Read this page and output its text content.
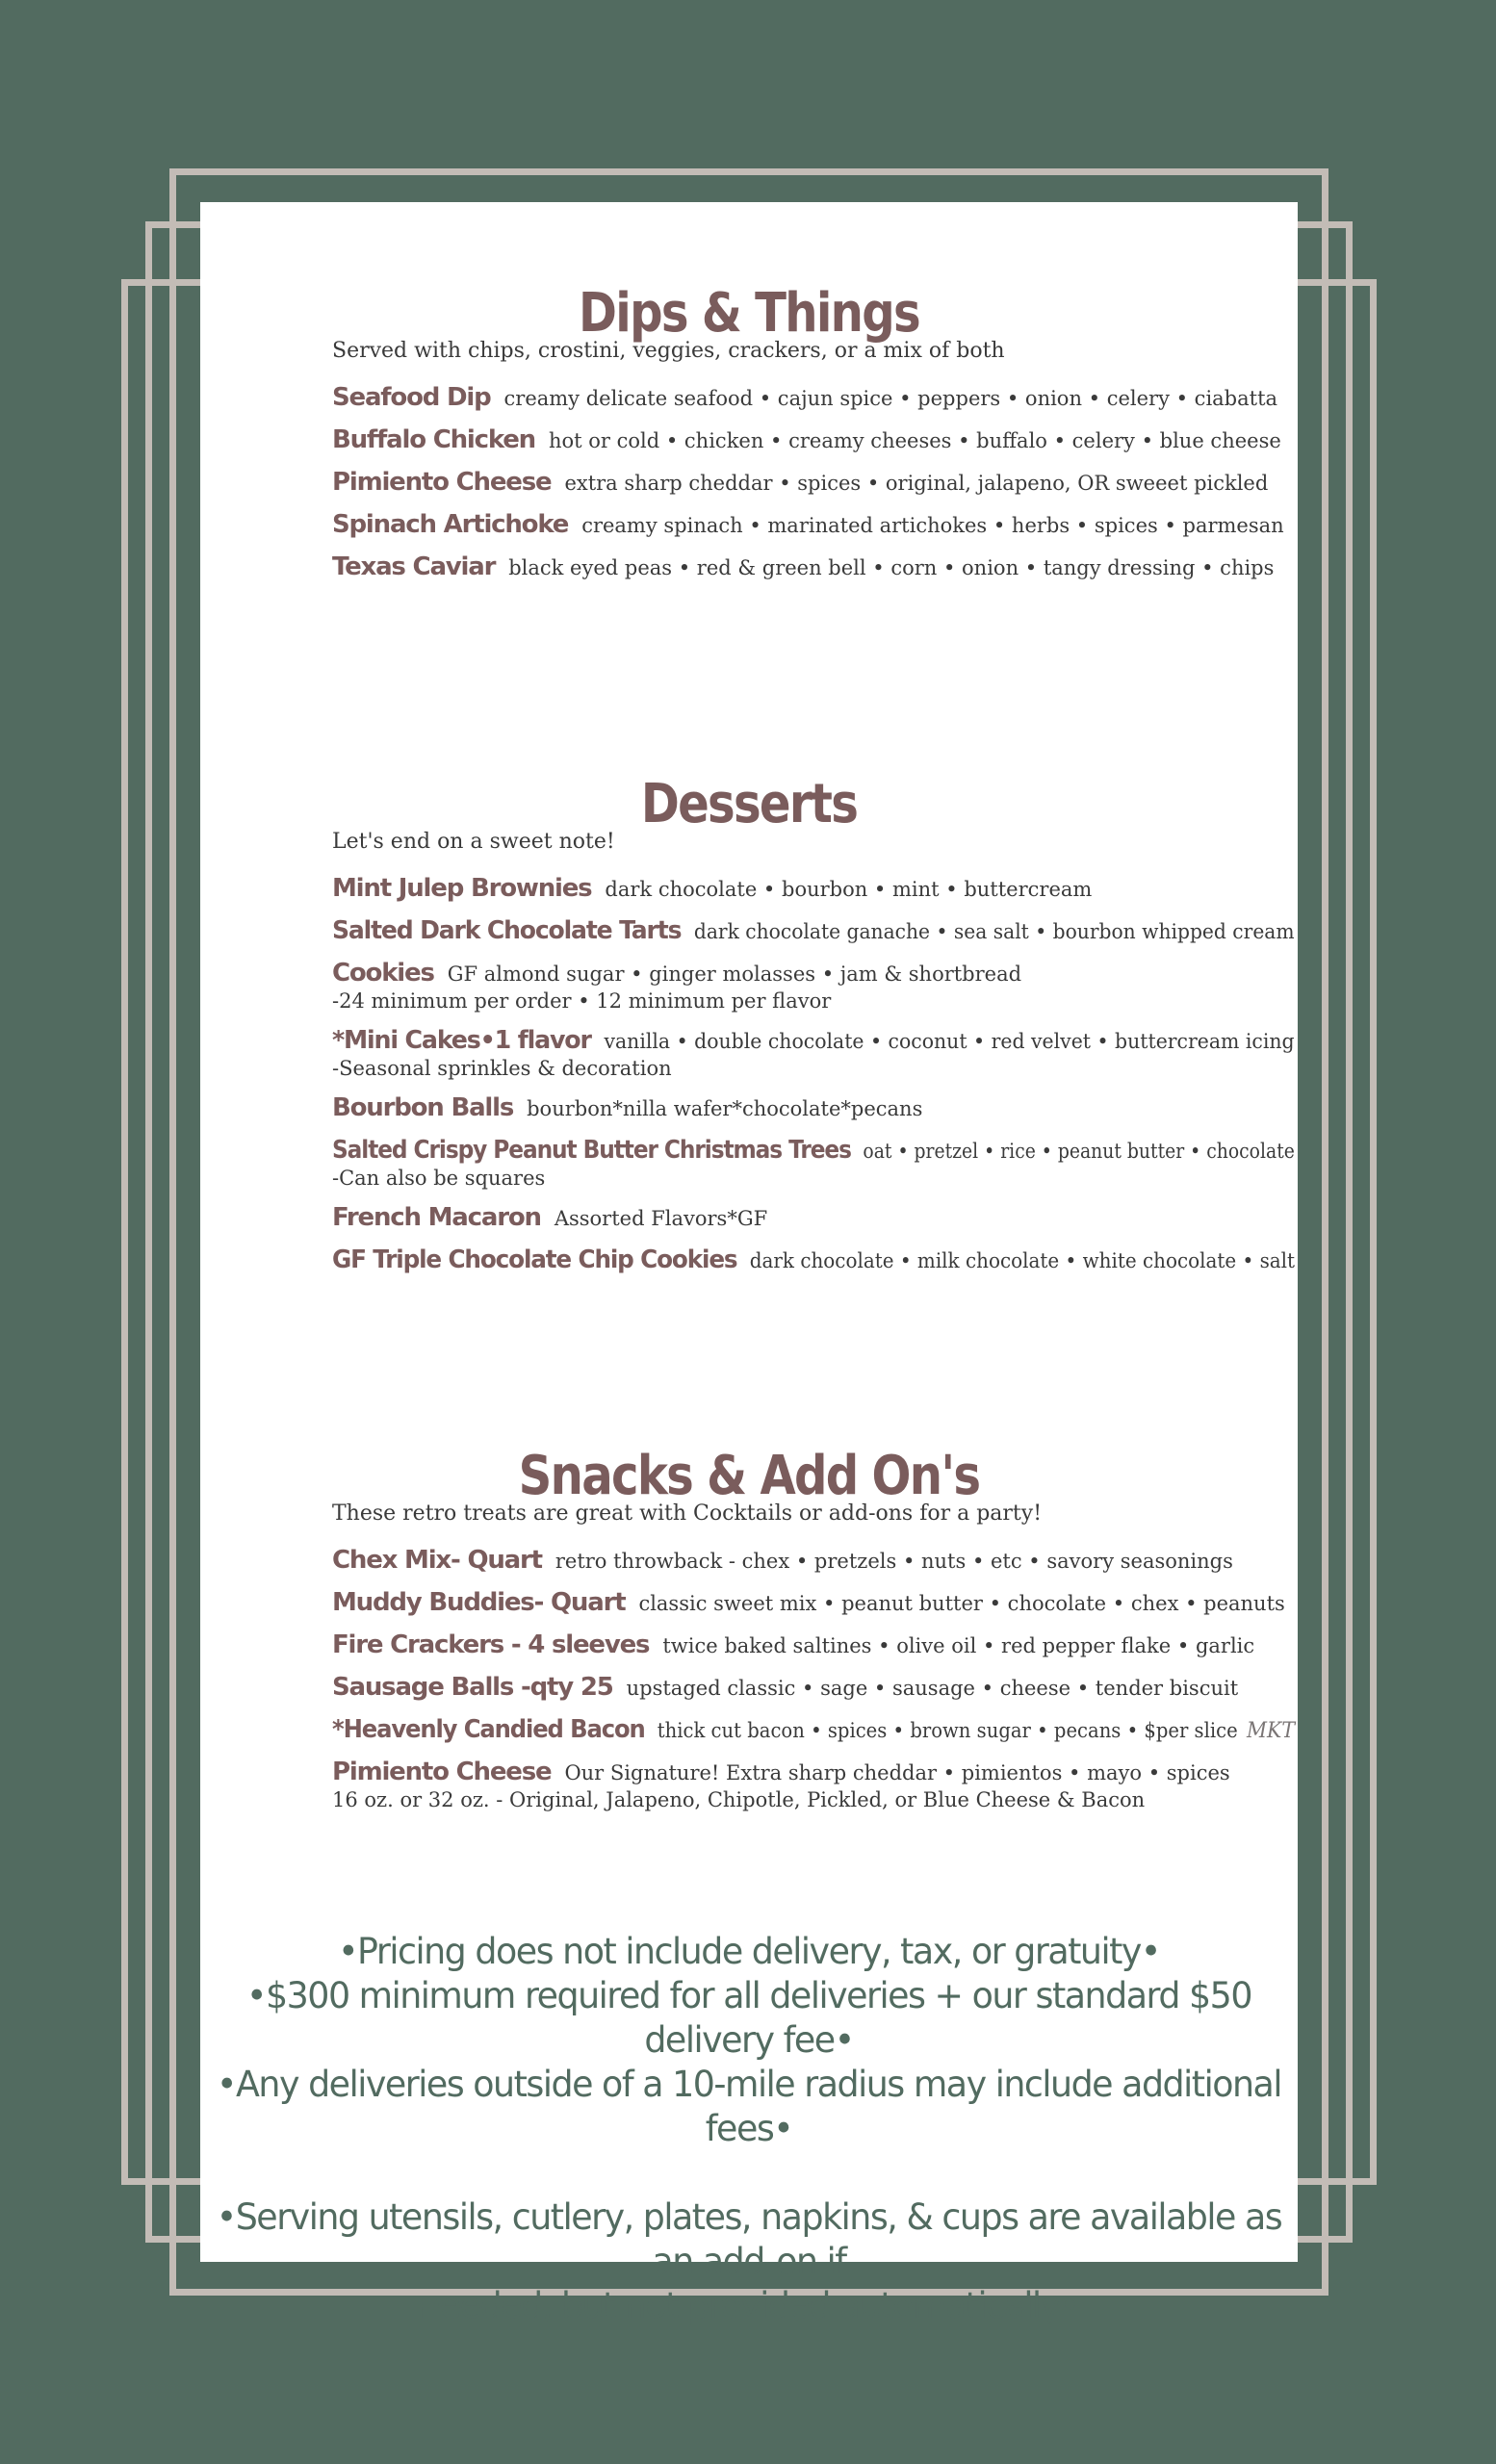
Dips & Things
Served with chips, crostini, veggies, crackers, or a mix of both
Seafood Dip creamy delicate seafood • cajun spice • peppers • onion • celery • ciabatta
Buffalo Chicken hot or cold • chicken • creamy cheeses • buffalo • celery • blue cheese
Pimiento Cheese extra sharp cheddar • spices • original, jalapeno, OR sweeet pickled
Spinach Artichoke creamy spinach • marinated artichokes • herbs • spices • parmesan
Texas Caviar black eyed peas • red & green bell • corn • onion • tangy dressing • chips
Desserts
Let's end on a sweet note!
Mint Julep Brownies dark chocolate • bourbon • mint • buttercream
Salted Dark Chocolate Tarts dark chocolate ganache • sea salt • bourbon whipped cream
Cookies GF almond sugar • ginger molasses • jam & shortbread
-24 minimum per order • 12 minimum per flavor
*Mini Cakes•1 flavor vanilla • double chocolate • coconut • red velvet • buttercream icing
-Seasonal sprinkles & decoration
Bourbon Balls bourbon*nilla wafer*chocolate*pecans
Salted Crispy Peanut Butter Christmas Trees oat • pretzel • rice • peanut butter • chocolate
-Can also be squares
French Macaron Assorted Flavors*GF
GF Triple Chocolate Chip Cookies dark chocolate • milk chocolate • white chocolate • salt
Snacks & Add On's
These retro treats are great with Cocktails or add-ons for a party!
Chex Mix- Quart retro throwback - chex • pretzels • nuts • etc • savory seasonings
Muddy Buddies- Quart classic sweet mix • peanut butter • chocolate • chex • peanuts
Fire Crackers - 4 sleeves twice baked saltines • olive oil • red pepper flake • garlic
Sausage Balls -qty 25 upstaged classic • sage • sausage • cheese • tender biscuit
*Heavenly Candied Bacon thick cut bacon • spices • brown sugar • pecans • $per slice MKT
Pimiento Cheese Our Signature! Extra sharp cheddar • pimientos • mayo • spices
16 oz. or 32 oz. - Original, Jalapeno, Chipotle, Pickled, or Blue Cheese & Bacon

•Pricing does not include delivery, tax, or gratuity•

•$300 minimum required for all deliveries + our standard $50 delivery fee•

•Any deliveries outside of a 10-mile radius may include additional fees•

•Serving utensils, cutlery, plates, napkins, & cups are available as an add-on if

needed, but not provided automatically•
